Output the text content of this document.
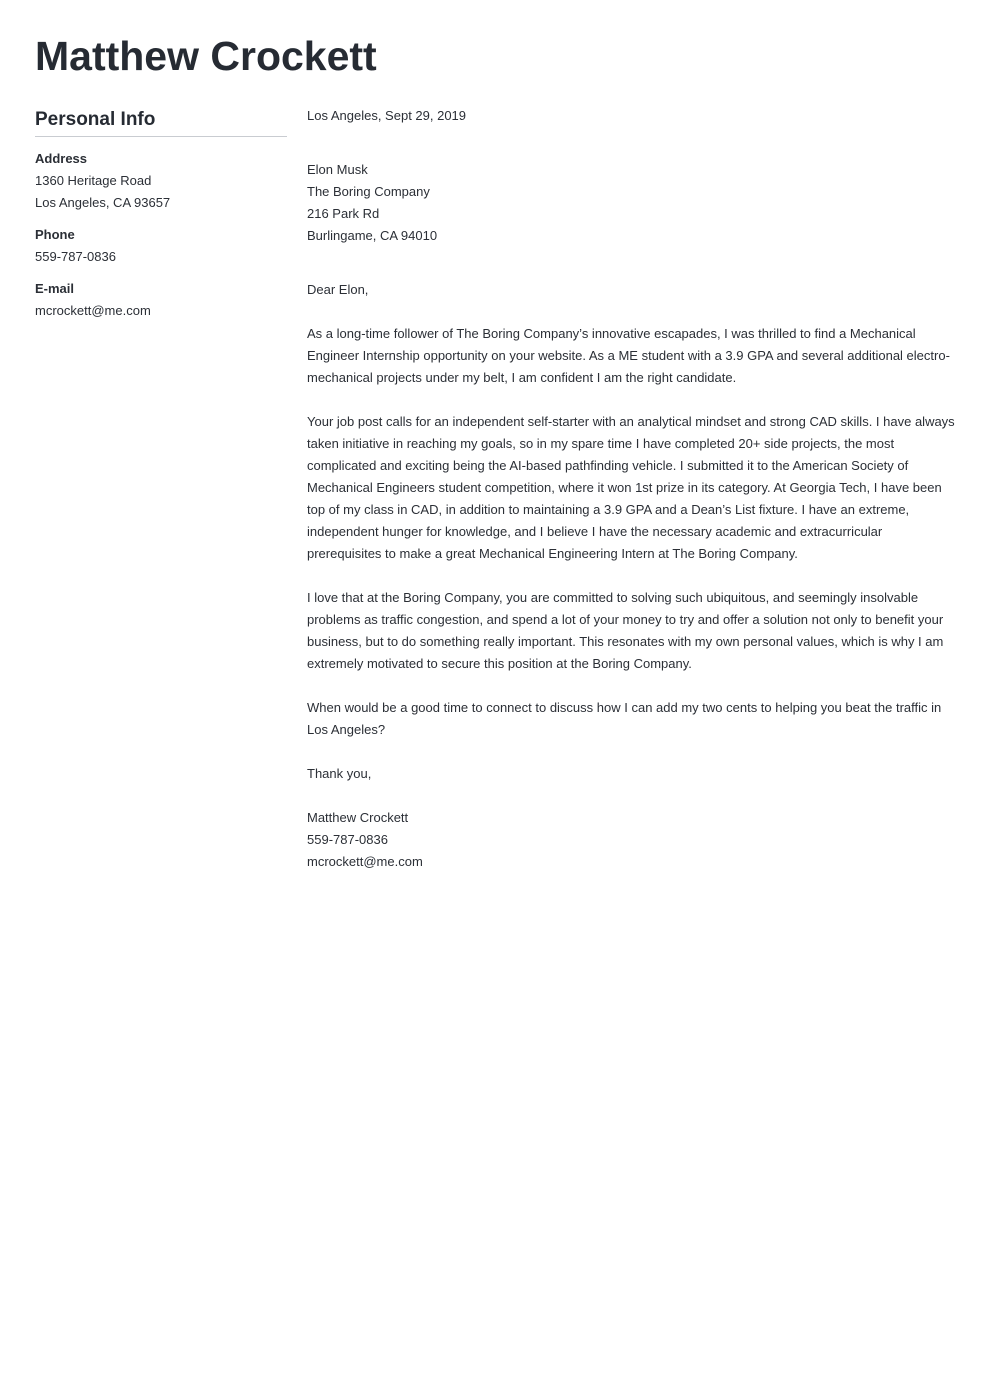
Matthew Crockett
Personal Info
Address
1360 Heritage Road
Los Angeles, CA 93657
Phone
559-787-0836
E-mail
mcrockett@me.com

Los Angeles, Sept 29, 2019

Elon Musk
The Boring Company
216 Park Rd
Burlingame, CA 94010

Dear Elon,

As a long-time follower of The Boring Company’s innovative escapades, I was thrilled to find a Mechanical Engineer Internship opportunity on your website. As a ME student with a 3.9 GPA and several additional electro-mechanical projects under my belt, I am confident I am the right candidate.

Your job post calls for an independent self-starter with an analytical mindset and strong CAD skills. I have always taken initiative in reaching my goals, so in my spare time I have completed 20+ side projects, the most complicated and exciting being the AI-based pathfinding vehicle. I submitted it to the American Society of Mechanical Engineers student competition, where it won 1st prize in its category. At Georgia Tech, I have been top of my class in CAD, in addition to maintaining a 3.9 GPA and a Dean’s List fixture. I have an extreme, independent hunger for knowledge, and I believe I have the necessary academic and extracurricular prerequisites to make a great Mechanical Engineering Intern at The Boring Company.

I love that at the Boring Company, you are committed to solving such ubiquitous, and seemingly insolvable problems as traffic congestion, and spend a lot of your money to try and offer a solution not only to benefit your business, but to do something really important. This resonates with my own personal values, which is why I am extremely motivated to secure this position at the Boring Company.

When would be a good time to connect to discuss how I can add my two cents to helping you beat the traffic in Los Angeles?

Thank you,

Matthew Crockett
559-787-0836
mcrockett@me.com
